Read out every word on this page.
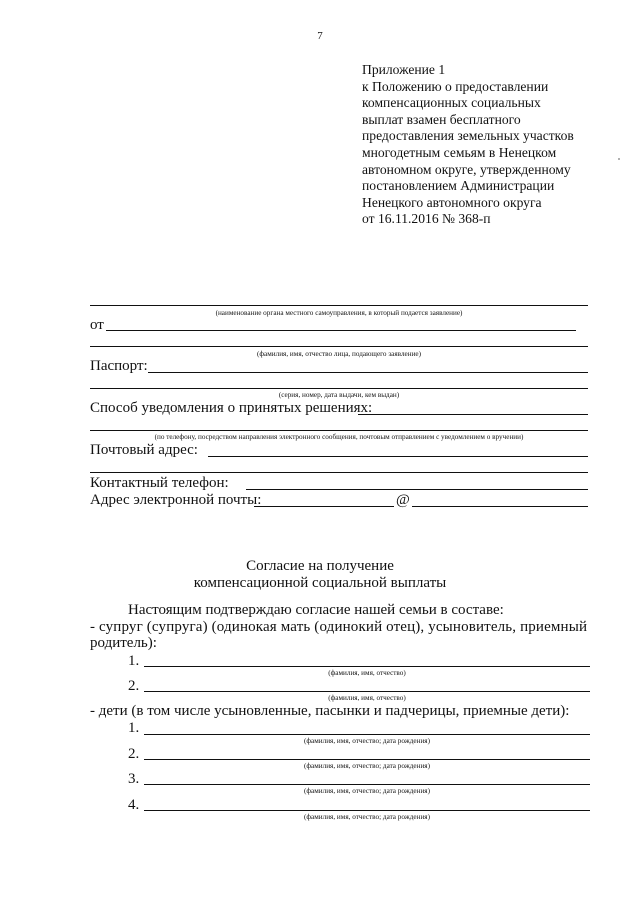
7
Приложение 1
к Положению о предоставлении
компенсационных социальных
выплат взамен бесплатного
предоставления земельных участков
многодетным семьям в Ненецком
автономном округе, утвержденному
постановлением Администрации
Ненецкого автономного округа
от 16.11.2016 № 368-п
(наименование органа местного самоуправления, в который подается заявление)
от
(фамилия, имя, отчество лица, подающего заявление)
Паспорт:
(серия, номер, дата выдачи, кем выдан)
Способ уведомления о принятых решениях:
(по телефону, посредством направления электронного сообщения, почтовым отправлением с уведомлением о вручении)
Почтовый адрес:
Контактный телефон:
Адрес электронной почты:	@
Согласие на получение
компенсационной социальной выплаты
Настоящим подтверждаю согласие нашей семьи в составе:
- супруг (супруга) (одинокая мать (одинокий отец), усыновитель, приемный
родитель):
1.
(фамилия, имя, отчество)
2.
(фамилия, имя, отчество)
- дети (в том числе усыновленные, пасынки и падчерицы, приемные дети):
1.
(фамилия, имя, отчество; дата рождения)
2.
(фамилия, имя, отчество; дата рождения)
3.
(фамилия, имя, отчество; дата рождения)
4.
(фамилия, имя, отчество; дата рождения)
